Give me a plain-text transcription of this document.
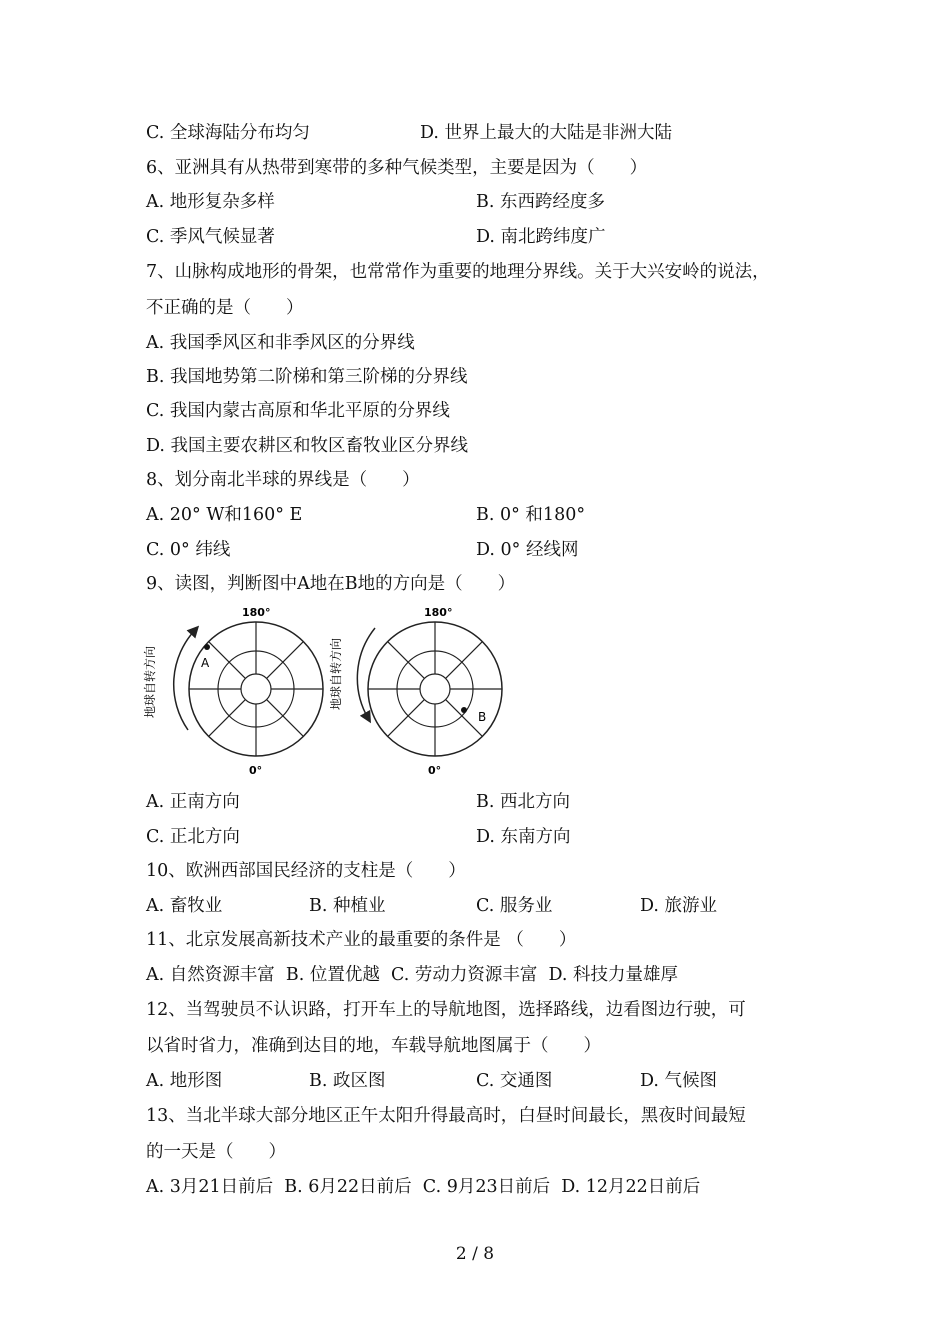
C. 全球海陆分布均匀	D. 世界上最大的大陆是非洲大陆
6、亚洲具有从热带到寒带的多种气候类型，主要是因为（　　）
A. 地形复杂多样	B. 东西跨经度多
C. 季风气候显著	D. 南北跨纬度广
7、山脉构成地形的骨架，也常常作为重要的地理分界线。关于大兴安岭的说法，
不正确的是（　　）
A. 我国季风区和非季风区的分界线
B. 我国地势第二阶梯和第三阶梯的分界线
C. 我国内蒙古高原和华北平原的分界线
D. 我国主要农耕区和牧区畜牧业区分界线
8、划分南北半球的界线是（　　）
A. 20° W和160° E	B. 0° 和180°
C. 0° 纬线	D. 0° 经线网
9、读图，判断图中A地在B地的方向是（　　）
地球自转方向
180°
A
0°
地球自转方向
180°
B
0°
A. 正南方向	B. 西北方向
C. 正北方向	D. 东南方向
10、欧洲西部国民经济的支柱是（　　）
A. 畜牧业	B. 种植业	C. 服务业	D. 旅游业
11、北京发展高新技术产业的最重要的条件是 （　　）
A. 自然资源丰富  B. 位置优越  C. 劳动力资源丰富  D. 科技力量雄厚
12、当驾驶员不认识路，打开车上的导航地图，选择路线，边看图边行驶，可
以省时省力，准确到达目的地，车载导航地图属于（　　）
A. 地形图	B. 政区图	C. 交通图	D. 气候图
13、当北半球大部分地区正午太阳升得最高时，白昼时间最长，黑夜时间最短
的一天是（　　）
A. 3月21日前后  B. 6月22日前后  C. 9月23日前后  D. 12月22日前后
2 / 8
